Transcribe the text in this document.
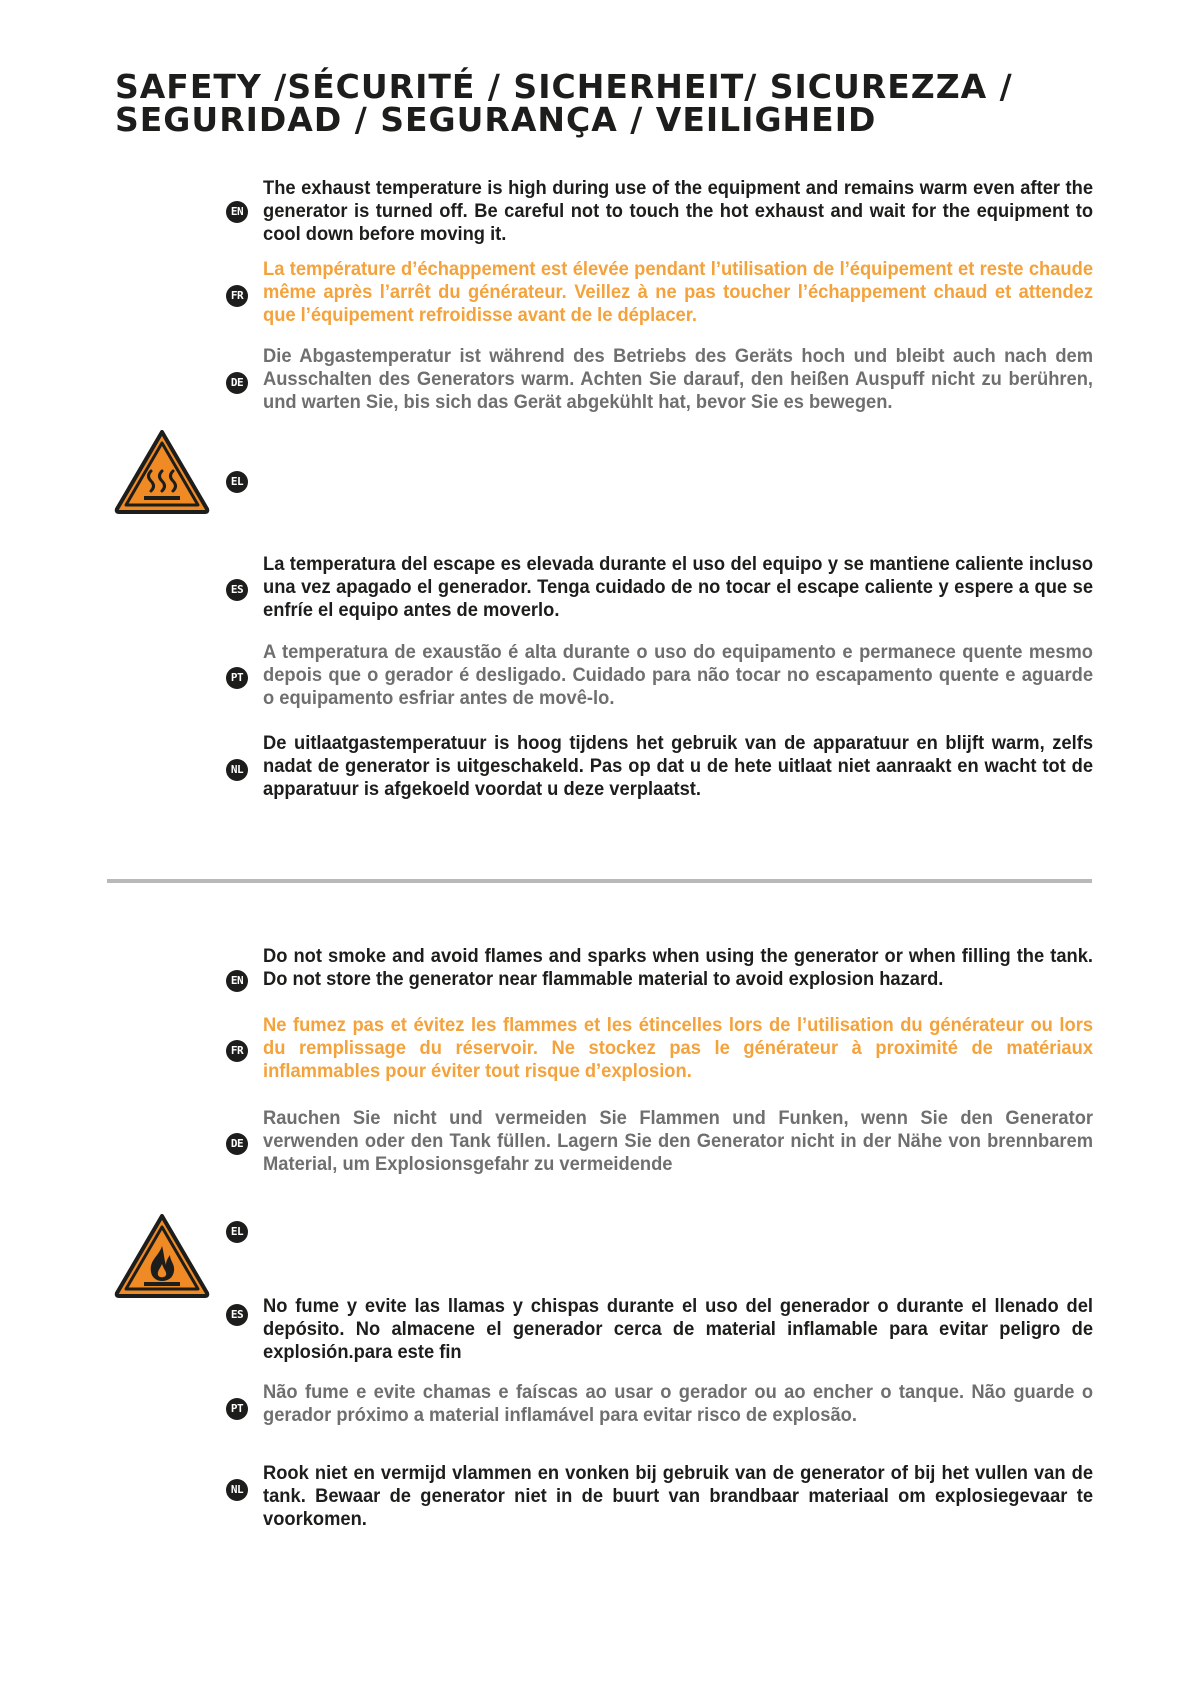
SAFETY /SÉCURITÉ / SICHERHEIT/ SICUREZZA /
SEGURIDAD / SEGURANÇA / VEILIGHEID
EN

The exhaust temperature is high during use of the equipment and remains warm even after the generator is turned off. Be careful not to touch the hot exhaust and wait for the equipment to cool down before moving it.

FR

La température d’échappement est élevée pendant l’utilisation de l’équipement et reste chaude même après l’arrêt du générateur. Veillez à ne pas toucher l’échappement chaud et attendez que l’équipement refroidisse avant de le déplacer.

DE

Die Abgastemperatur ist während des Betriebs des Geräts hoch und bleibt auch nach dem Ausschalten des Generators warm. Achten Sie darauf, den heißen Auspuff nicht zu berühren, und warten Sie, bis sich das Gerät abgekühlt hat, bevor Sie es bewegen.

EL

ES

La temperatura del escape es elevada durante el uso del equipo y se mantiene caliente incluso una vez apagado el generador. Tenga cuidado de no tocar el escape caliente y espere a que se enfríe el equipo antes de moverlo.

PT

A temperatura de exaustão é alta durante o uso do equipamento e permanece quente mesmo depois que o gerador é desligado. Cuidado para não tocar no escapamento quente e aguarde o equipamento esfriar antes de movê-lo.

NL

De uitlaatgastemperatuur is hoog tijdens het gebruik van de apparatuur en blijft warm, zelfs nadat de generator is uitgeschakeld. Pas op dat u de hete uitlaat niet aanraakt en wacht tot de apparatuur is afgekoeld voordat u deze verplaatst.

EN

Do not smoke and avoid flames and sparks when using the generator or when filling the tank. Do not store the generator near flammable material to avoid explosion hazard.

FR

Ne fumez pas et évitez les flammes et les étincelles lors de l’utilisation du générateur ou lors du remplissage du réservoir. Ne stockez pas le générateur à proximité de matériaux inflammables pour éviter tout risque d’explosion.

DE

Rauchen Sie nicht und vermeiden Sie Flammen und Funken, wenn Sie den Generator verwenden oder den Tank füllen. Lagern Sie den Generator nicht in der Nähe von brennbarem Material, um Explosionsgefahr zu vermeidende

EL

ES No fume y evite las llamas y chispas durante el uso del generador o durante el llenado del depósito. No almacene el generador cerca de material inflamable para evitar peligro de explosión.para este fin

PT

Não fume e evite chamas e faíscas ao usar o gerador ou ao encher o tanque. Não guarde o gerador próximo a material inflamável para evitar risco de explosão.

NL

Rook niet en vermijd vlammen en vonken bij gebruik van de generator of bij het vullen van de tank. Bewaar de generator niet in de buurt van brandbaar materiaal om explosiegevaar te voorkomen.
